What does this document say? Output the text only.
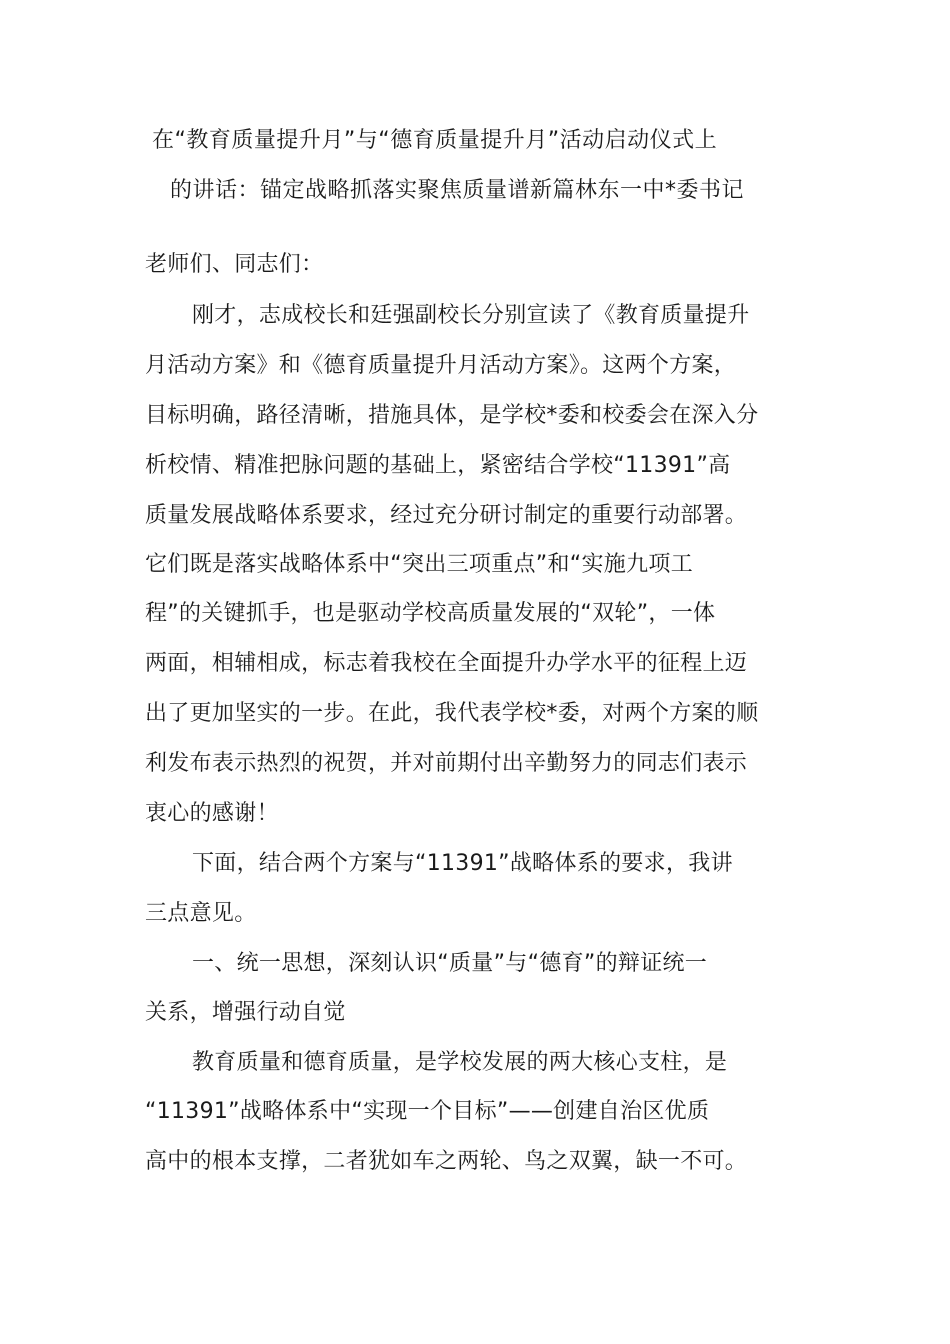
在“教育质量提升月”与“德育质量提升月”活动启动仪式上
的讲话：锚定战略抓落实聚焦质量谱新篇林东一中*委书记
老师们、同志们：
刚才，志成校长和廷强副校长分别宣读了《教育质量提升
月活动方案》和《德育质量提升月活动方案》。这两个方案，
目标明确，路径清晰，措施具体，是学校*委和校委会在深入分
析校情、精准把脉问题的基础上，紧密结合学校“11391”高
质量发展战略体系要求，经过充分研讨制定的重要行动部署。
它们既是落实战略体系中“突出三项重点”和“实施九项工
程”的关键抓手，也是驱动学校高质量发展的“双轮”，一体
两面，相辅相成，标志着我校在全面提升办学水平的征程上迈
出了更加坚实的一步。在此，我代表学校*委，对两个方案的顺
利发布表示热烈的祝贺，并对前期付出辛勤努力的同志们表示
衷心的感谢！
下面，结合两个方案与“11391”战略体系的要求，我讲
三点意见。
一、统一思想，深刻认识“质量”与“德育”的辩证统一
关系，增强行动自觉
教育质量和德育质量，是学校发展的两大核心支柱，是
“11391”战略体系中“实现一个目标”——创建自治区优质
高中的根本支撑，二者犹如车之两轮、鸟之双翼，缺一不可。
